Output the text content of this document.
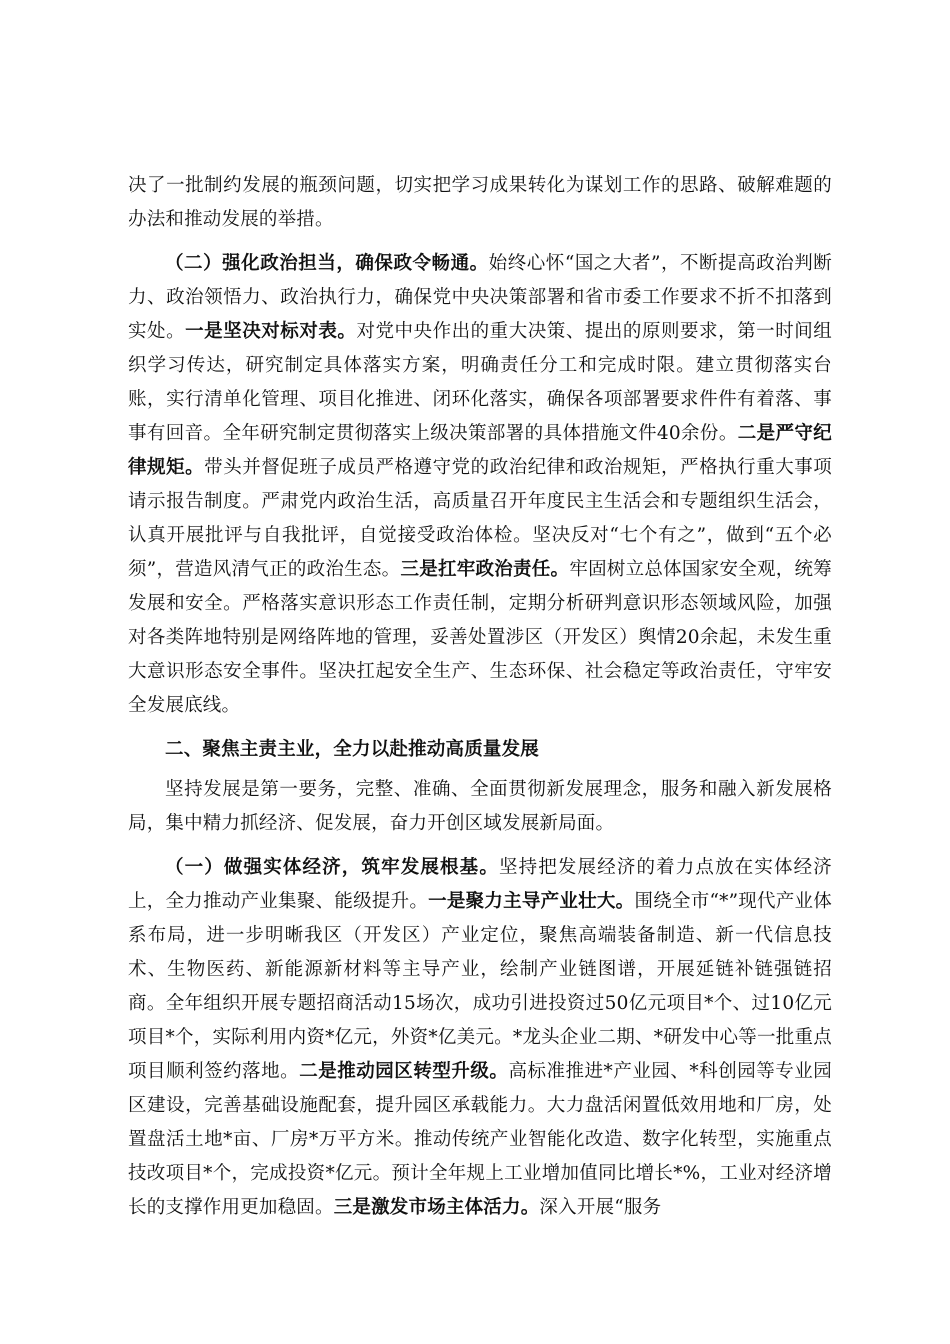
决了一批制约发展的瓶颈问题，切实把学习成果转化为谋划工作的思路、破解难题的办法和推动发展的举措。

（二）强化政治担当，确保政令畅通。始终心怀“国之大者”，不断提高政治判断力、政治领悟力、政治执行力，确保党中央决策部署和省市委工作要求不折不扣落到实处。一是坚决对标对表。对党中央作出的重大决策、提出的原则要求，第一时间组织学习传达，研究制定具体落实方案，明确责任分工和完成时限。建立贯彻落实台账，实行清单化管理、项目化推进、闭环化落实，确保各项部署要求件件有着落、事事有回音。全年研究制定贯彻落实上级决策部署的具体措施文件40余份。二是严守纪律规矩。带头并督促班子成员严格遵守党的政治纪律和政治规矩，严格执行重大事项请示报告制度。严肃党内政治生活，高质量召开年度民主生活会和专题组织生活会，认真开展批评与自我批评，自觉接受政治体检。坚决反对“七个有之”，做到“五个必须”，营造风清气正的政治生态。三是扛牢政治责任。牢固树立总体国家安全观，统筹发展和安全。严格落实意识形态工作责任制，定期分析研判意识形态领域风险，加强对各类阵地特别是网络阵地的管理，妥善处置涉区（开发区）舆情20余起，未发生重大意识形态安全事件。坚决扛起安全生产、生态环保、社会稳定等政治责任，守牢安全发展底线。

二、聚焦主责主业，全力以赴推动高质量发展

坚持发展是第一要务，完整、准确、全面贯彻新发展理念，服务和融入新发展格局，集中精力抓经济、促发展，奋力开创区域发展新局面。

（一）做强实体经济，筑牢发展根基。坚持把发展经济的着力点放在实体经济上，全力推动产业集聚、能级提升。一是聚力主导产业壮大。围绕全市“*”现代产业体系布局，进一步明晰我区（开发区）产业定位，聚焦高端装备制造、新一代信息技术、生物医药、新能源新材料等主导产业，绘制产业链图谱，开展延链补链强链招商。全年组织开展专题招商活动15场次，成功引进投资过50亿元项目*个、过10亿元项目*个，实际利用内资*亿元，外资*亿美元。*龙头企业二期、*研发中心等一批重点项目顺利签约落地。二是推动园区转型升级。高标准推进*产业园、*科创园等专业园区建设，完善基础设施配套，提升园区承载能力。大力盘活闲置低效用地和厂房，处置盘活土地*亩、厂房*万平方米。推动传统产业智能化改造、数字化转型，实施重点技改项目*个，完成投资*亿元。预计全年规上工业增加值同比增长*%，工业对经济增长的支撑作用更加稳固。三是激发市场主体活力。深入开展“服务
